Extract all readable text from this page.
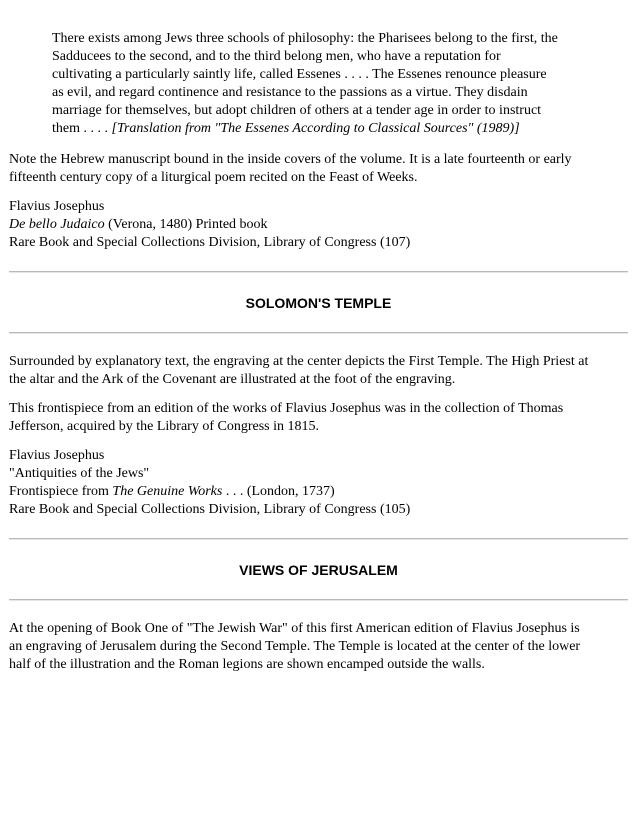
There exists among Jews three schools of philosophy: the Pharisees belong to the first, the

Sadducees to the second, and to the third belong men, who have a reputation for

cultivating a particularly saintly life, called Essenes . . . . The Essenes renounce pleasure

as evil, and regard continence and resistance to the passions as a virtue. They disdain

marriage for themselves, but adopt children of others at a tender age in order to instruct

them . . . . [Translation from "The Essenes According to Classical Sources" (1989)]

Note the Hebrew manuscript bound in the inside covers of the volume. It is a late fourteenth or early
fifteenth century copy of a liturgical poem recited on the Feast of Weeks.

Flavius Josephus
De bello Judaico (Verona, 1480) Printed book
Rare Book and Special Collections Division, Library of Congress (107)

SOLOMON'S TEMPLE

Surrounded by explanatory text, the engraving at the center depicts the First Temple. The High Priest at
the altar and the Ark of the Covenant are illustrated at the foot of the engraving.

This frontispiece from an edition of the works of Flavius Josephus was in the collection of Thomas
Jefferson, acquired by the Library of Congress in 1815.

Flavius Josephus
"Antiquities of the Jews"
Frontispiece from The Genuine Works . . . (London, 1737)
Rare Book and Special Collections Division, Library of Congress (105)

VIEWS OF JERUSALEM

At the opening of Book One of "The Jewish War" of this first American edition of Flavius Josephus is
an engraving of Jerusalem during the Second Temple. The Temple is located at the center of the lower
half of the illustration and the Roman legions are shown encamped outside the walls.
